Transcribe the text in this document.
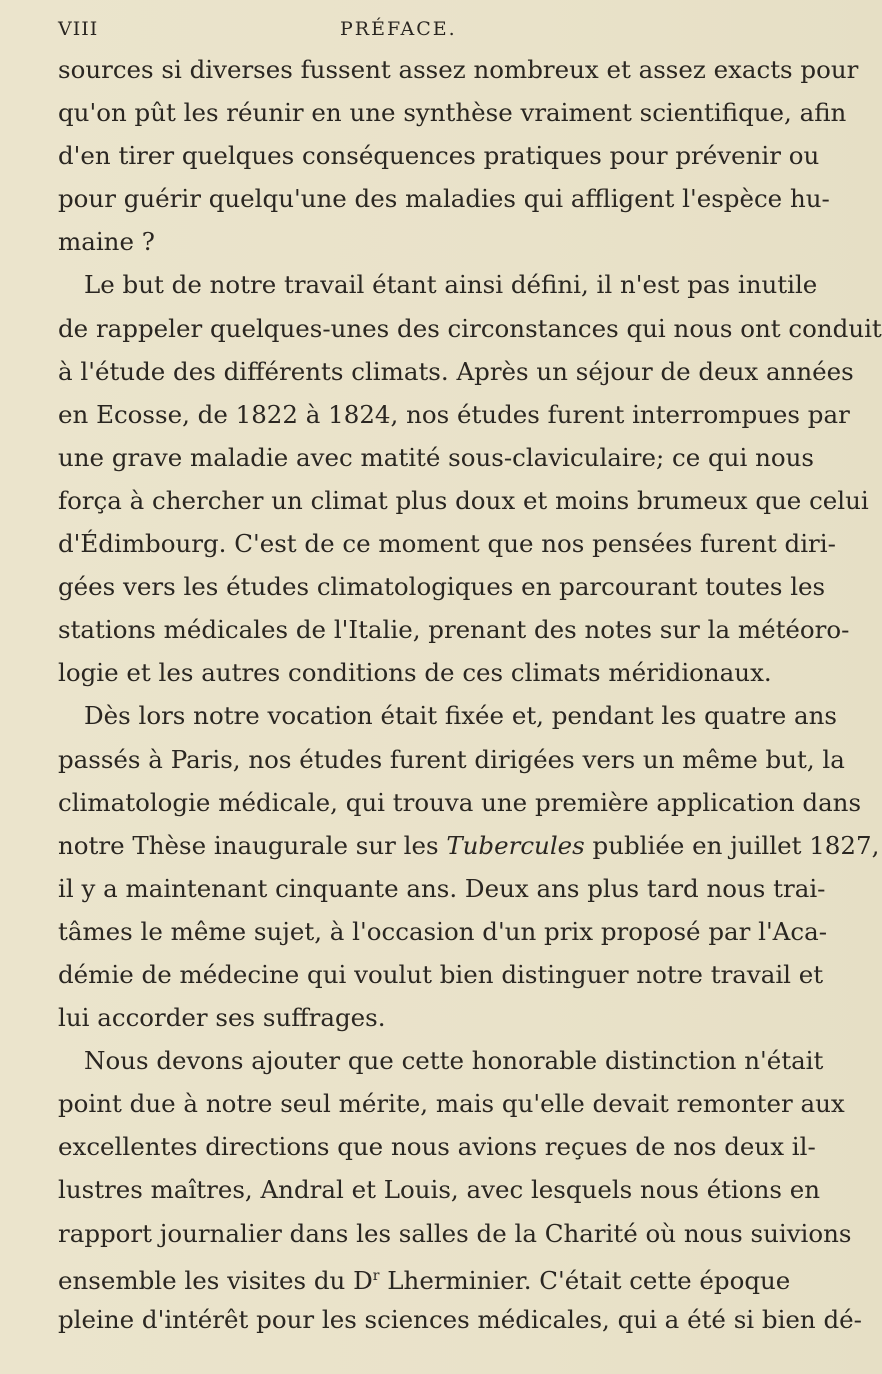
VIII	PRÉFACE.
sources si diverses fussent assez nombreux et assez exacts pour
qu'on pût les réunir en une synthèse vraiment scientifique, afin
d'en tirer quelques conséquences pratiques pour prévenir ou
pour guérir quelqu'une des maladies qui affligent l'espèce hu-
maine ?
Le but de notre travail étant ainsi défini, il n'est pas inutile
de rappeler quelques-unes des circonstances qui nous ont conduit
à l'étude des différents climats. Après un séjour de deux années
en Ecosse, de 1822 à 1824, nos études furent interrompues par
une grave maladie avec matité sous-claviculaire; ce qui nous
força à chercher un climat plus doux et moins brumeux que celui
d'Édimbourg. C'est de ce moment que nos pensées furent diri-
gées vers les études climatologiques en parcourant toutes les
stations médicales de l'Italie, prenant des notes sur la météoro-
logie et les autres conditions de ces climats méridionaux.
Dès lors notre vocation était fixée et, pendant les quatre ans
passés à Paris, nos études furent dirigées vers un même but, la
climatologie médicale, qui trouva une première application dans
notre Thèse inaugurale sur les Tubercules publiée en juillet 1827,
il y a maintenant cinquante ans. Deux ans plus tard nous trai-
tâmes le même sujet, à l'occasion d'un prix proposé par l'Aca-
démie de médecine qui voulut bien distinguer notre travail et
lui accorder ses suffrages.
Nous devons ajouter que cette honorable distinction n'était
point due à notre seul mérite, mais qu'elle devait remonter aux
excellentes directions que nous avions reçues de nos deux il-
lustres maîtres, Andral et Louis, avec lesquels nous étions en
rapport journalier dans les salles de la Charité où nous suivions
ensemble les visites du $D^r$ Lherminier. C'était cette époque
pleine d'intérêt pour les sciences médicales, qui a été si bien dé-
